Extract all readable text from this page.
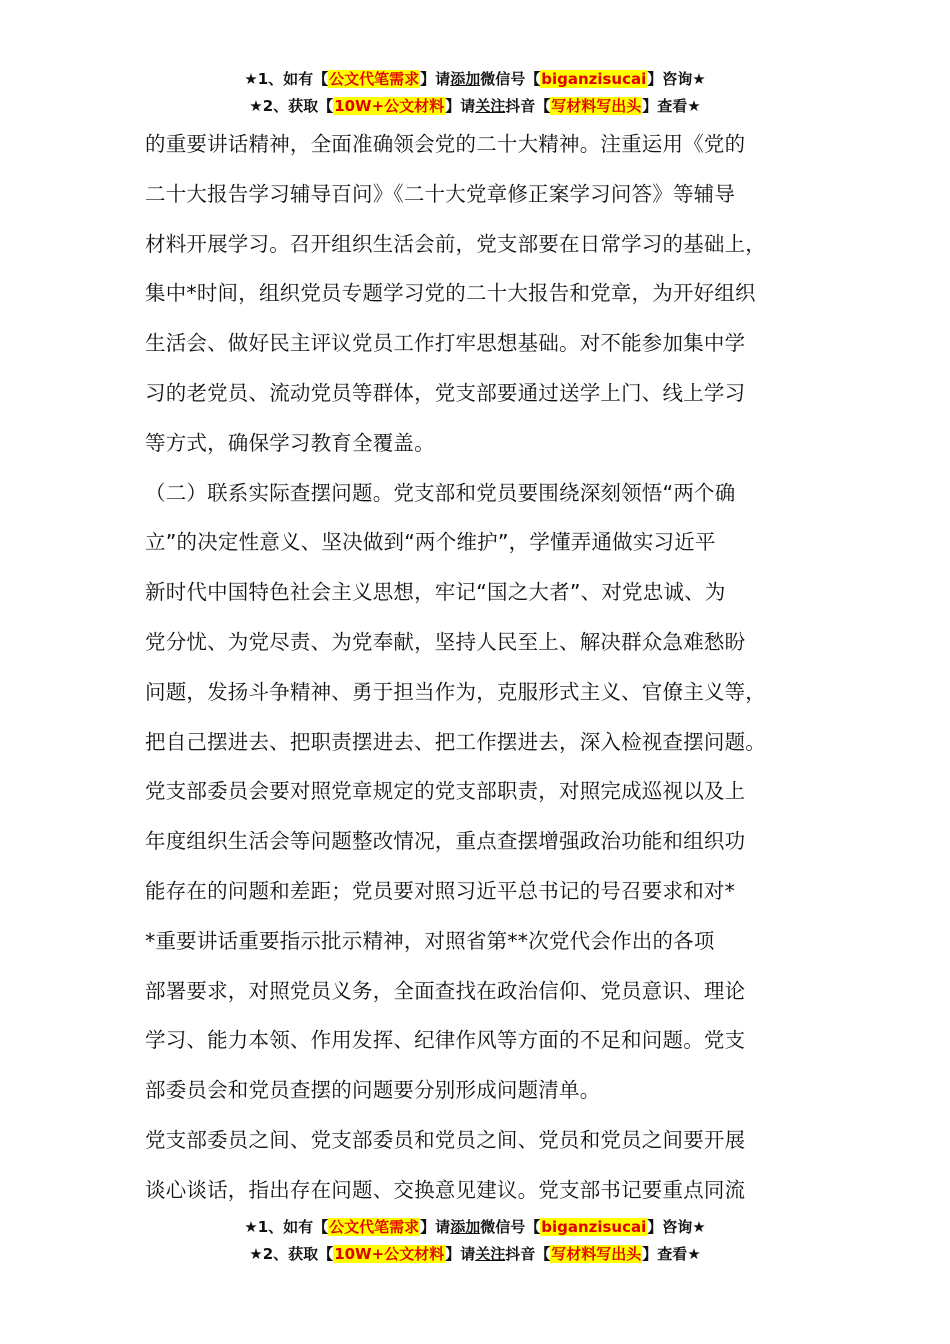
★1、如有【公文代笔需求】请添加微信号【biganzisucai】咨询★
★2、获取【10W+公文材料】请关注抖音【写材料写出头】查看★

的重要讲话精神，全面准确领会党的二十大精神。注重运用《党的
二十大报告学习辅导百问》《二十大党章修正案学习问答》等辅导
材料开展学习。召开组织生活会前，党支部要在日常学习的基础上，
集中*时间，组织党员专题学习党的二十大报告和党章，为开好组织
生活会、做好民主评议党员工作打牢思想基础。对不能参加集中学
习的老党员、流动党员等群体，党支部要通过送学上门、线上学习
等方式，确保学习教育全覆盖。

（二）联系实际查摆问题。党支部和党员要围绕深刻领悟“两个确
立”的决定性意义、坚决做到“两个维护”，学懂弄通做实习近平
新时代中国特色社会主义思想，牢记“国之大者”、对党忠诚、为
党分忧、为党尽责、为党奉献，坚持人民至上、解决群众急难愁盼
问题，发扬斗争精神、勇于担当作为，克服形式主义、官僚主义等，
把自己摆进去、把职责摆进去、把工作摆进去，深入检视查摆问题。
党支部委员会要对照党章规定的党支部职责，对照完成巡视以及上
年度组织生活会等问题整改情况，重点查摆增强政治功能和组织功
能存在的问题和差距；党员要对照习近平总书记的号召要求和对*
*重要讲话重要指示批示精神，对照省第**次党代会作出的各项
部署要求，对照党员义务，全面查找在政治信仰、党员意识、理论
学习、能力本领、作用发挥、纪律作风等方面的不足和问题。党支
部委员会和党员查摆的问题要分别形成问题清单。

党支部委员之间、党支部委员和党员之间、党员和党员之间要开展
谈心谈话，指出存在问题、交换意见建议。党支部书记要重点同流

★1、如有【公文代笔需求】请添加微信号【biganzisucai】咨询★
★2、获取【10W+公文材料】请关注抖音【写材料写出头】查看★
